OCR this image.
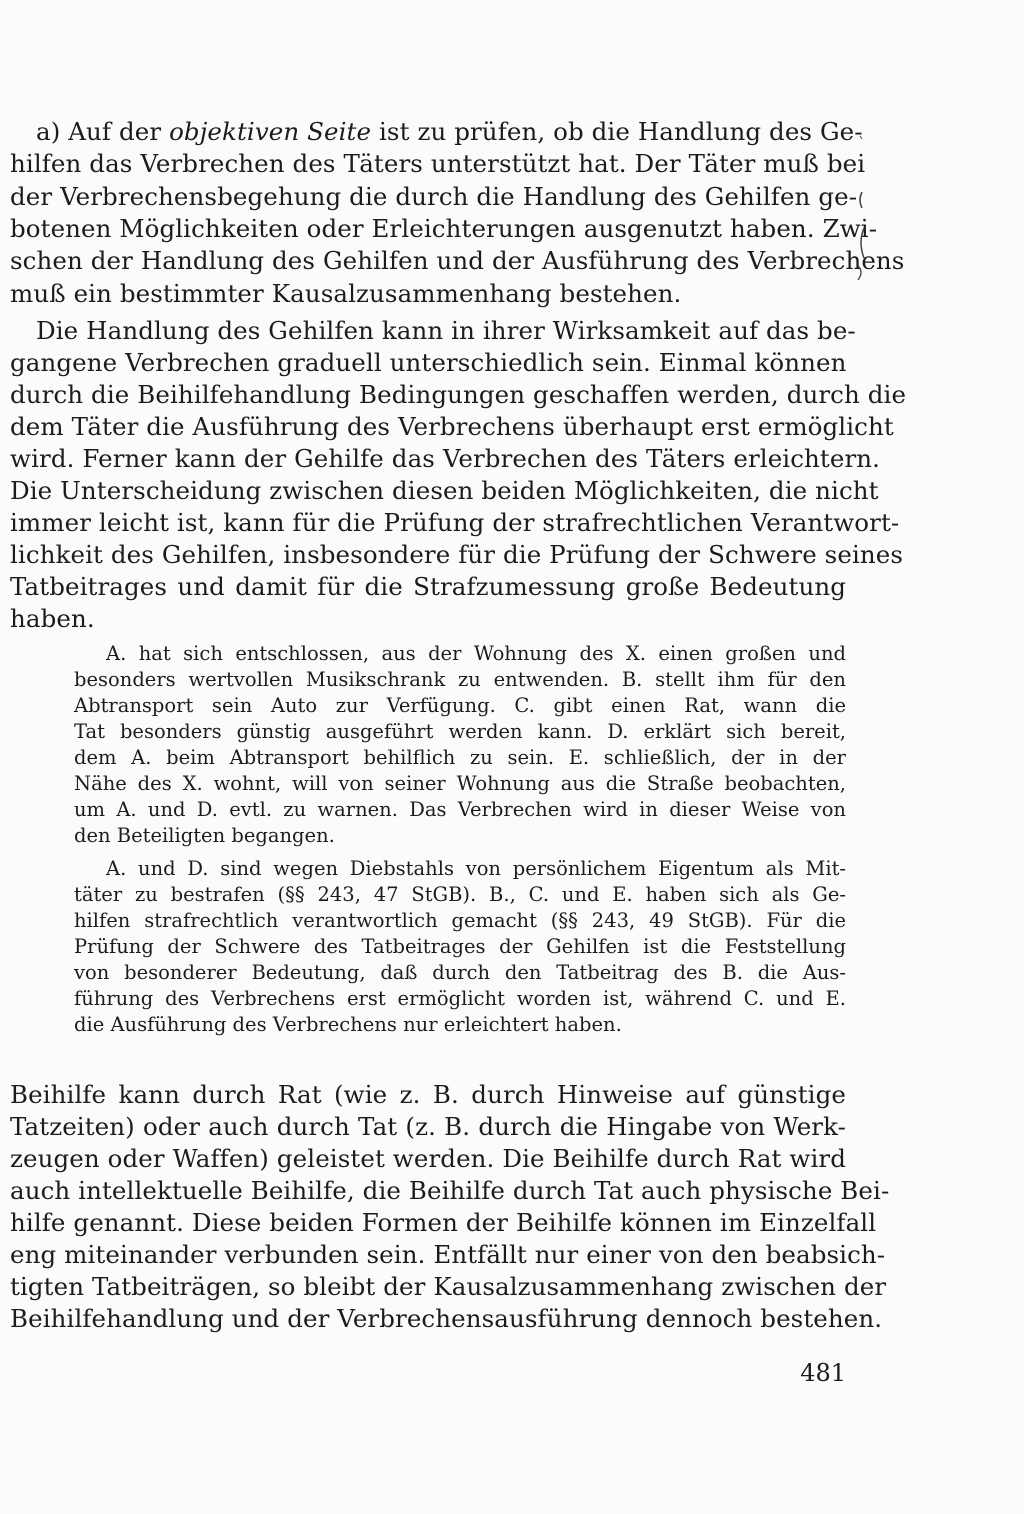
a) Auf der objektiven Seite ist zu prüfen, ob die Handlung des Ge-
hilfen das Verbrechen des Täters unterstützt hat. Der Täter muß bei
der Verbrechensbegehung die durch die Handlung des Gehilfen ge-
botenen Möglichkeiten oder Erleichterungen ausgenutzt haben. Zwi-
schen der Handlung des Gehilfen und der Ausführung des Verbrechens
muß ein bestimmter Kausalzusammenhang bestehen.
Die Handlung des Gehilfen kann in ihrer Wirksamkeit auf das be-
gangene Verbrechen graduell unterschiedlich sein. Einmal können
durch die Beihilfehandlung Bedingungen geschaffen werden, durch die
dem Täter die Ausführung des Verbrechens überhaupt erst ermöglicht
wird. Ferner kann der Gehilfe das Verbrechen des Täters erleichtern.
Die Unterscheidung zwischen diesen beiden Möglichkeiten, die nicht
immer leicht ist, kann für die Prüfung der strafrechtlichen Verantwort-
lichkeit des Gehilfen, insbesondere für die Prüfung der Schwere seines
Tatbeitrages und damit für die Strafzumessung große Bedeutung
haben.
A. hat sich entschlossen, aus der Wohnung des X. einen großen und
besonders wertvollen Musikschrank zu entwenden. B. stellt ihm für den
Abtransport sein Auto zur Verfügung. C. gibt einen Rat, wann die
Tat besonders günstig ausgeführt werden kann. D. erklärt sich bereit,
dem A. beim Abtransport behilflich zu sein. E. schließlich, der in der
Nähe des X. wohnt, will von seiner Wohnung aus die Straße beobachten,
um A. und D. evtl. zu warnen. Das Verbrechen wird in dieser Weise von
den Beteiligten begangen.
A. und D. sind wegen Diebstahls von persönlichem Eigentum als Mit-
täter zu bestrafen (§§ 243, 47 StGB). B., C. und E. haben sich als Ge-
hilfen strafrechtlich verantwortlich gemacht (§§ 243, 49 StGB). Für die
Prüfung der Schwere des Tatbeitrages der Gehilfen ist die Feststellung
von besonderer Bedeutung, daß durch den Tatbeitrag des B. die Aus-
führung des Verbrechens erst ermöglicht worden ist, während C. und E.
die Ausführung des Verbrechens nur erleichtert haben.
Beihilfe kann durch Rat (wie z. B. durch Hinweise auf günstige
Tatzeiten) oder auch durch Tat (z. B. durch die Hingabe von Werk-
zeugen oder Waffen) geleistet werden. Die Beihilfe durch Rat wird
auch intellektuelle Beihilfe, die Beihilfe durch Tat auch physische Bei-
hilfe genannt. Diese beiden Formen der Beihilfe können im Einzelfall
eng miteinander verbunden sein. Entfällt nur einer von den beabsich-
tigten Tatbeiträgen, so bleibt der Kausalzusammenhang zwischen der
Beihilfehandlung und der Verbrechensausführung dennoch bestehen.
481
